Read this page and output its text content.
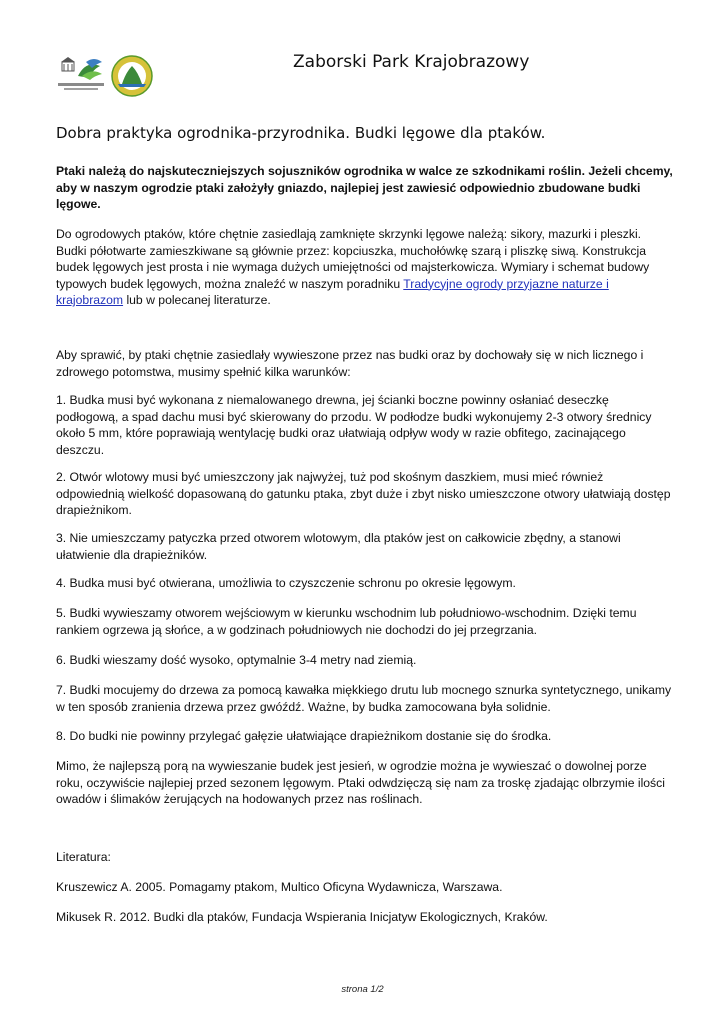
Zaborski Park Krajobrazowy
Dobra praktyka ogrodnika-przyrodnika. Budki lęgowe dla ptaków.

Ptaki należą do najskuteczniejszych sojuszników ogrodnika w walce ze szkodnikami roślin. Jeżeli chcemy, aby w naszym ogrodzie ptaki założyły gniazdo, najlepiej jest zawiesić odpowiednio zbudowane budki lęgowe.

Do ogrodowych ptaków, które chętnie zasiedlają zamknięte skrzynki lęgowe należą: sikory, mazurki i pleszki. Budki półotwarte zamieszkiwane są głównie przez: kopciuszka, muchołówkę szarą i pliszkę siwą. Konstrukcja budek lęgowych jest prosta i nie wymaga dużych umiejętności od majsterkowicza. Wymiary i schemat budowy typowych budek lęgowych, można znaleźć w naszym poradniku Tradycyjne ogrody przyjazne naturze i krajobrazom lub w polecanej literaturze.

Aby sprawić, by ptaki chętnie zasiedlały wywieszone przez nas budki oraz by dochowały się w nich licznego i zdrowego potomstwa, musimy spełnić kilka warunków:

1. Budka musi być wykonana z niemalowanego drewna, jej ścianki boczne powinny osłaniać deseczkę podłogową, a spad dachu musi być skierowany do przodu. W podłodze budki wykonujemy 2-3 otwory średnicy około 5 mm, które poprawiają wentylację budki oraz ułatwiają odpływ wody w razie obfitego, zacinającego deszczu.

2. Otwór wlotowy musi być umieszczony jak najwyżej, tuż pod skośnym daszkiem, musi mieć również odpowiednią wielkość dopasowaną do gatunku ptaka, zbyt duże i zbyt nisko umieszczone otwory ułatwiają dostęp drapieżnikom.

3. Nie umieszczamy patyczka przed otworem wlotowym, dla ptaków jest on całkowicie zbędny, a stanowi ułatwienie dla drapieżników.

4. Budka musi być otwierana, umożliwia to czyszczenie schronu po okresie lęgowym.

5. Budki wywieszamy otworem wejściowym w kierunku wschodnim lub południowo-wschodnim. Dzięki temu rankiem ogrzewa ją słońce, a w godzinach południowych nie dochodzi do jej przegrzania.

6. Budki wieszamy dość wysoko, optymalnie 3-4 metry nad ziemią.

7. Budki mocujemy do drzewa za pomocą kawałka miękkiego drutu lub mocnego sznurka syntetycznego, unikamy w ten sposób zranienia drzewa przez gwóźdź. Ważne, by budka zamocowana była solidnie.

8. Do budki nie powinny przylegać gałęzie ułatwiające drapieżnikom dostanie się do środka.

Mimo, że najlepszą porą na wywieszanie budek jest jesień, w ogrodzie można je wywieszać o dowolnej porze roku, oczywiście najlepiej przed sezonem lęgowym. Ptaki odwdzięczą się nam za troskę zjadając olbrzymie ilości owadów i ślimaków żerujących na hodowanych przez nas roślinach.

Literatura:

Kruszewicz A. 2005. Pomagamy ptakom, Multico Oficyna Wydawnicza, Warszawa.

Mikusek R. 2012. Budki dla ptaków, Fundacja Wspierania Inicjatyw Ekologicznych, Kraków.

strona 1/2
